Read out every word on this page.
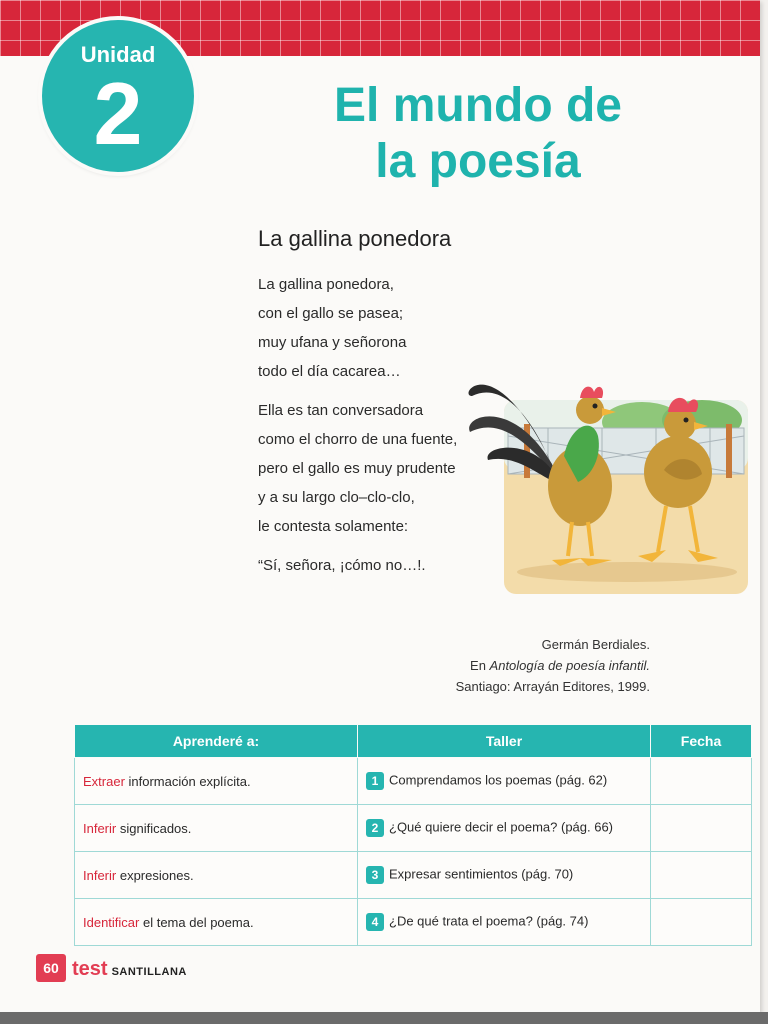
Unidad
2	El mundo de
la poesía
La gallina ponedora
La gallina ponedora,
con el gallo se pasea;
muy ufana y señorona
todo el día cacarea…
Ella es tan conversadora
como el chorro de una fuente,
pero el gallo es muy prudente
y a su largo clo–clo-clo,
le contesta solamente:
“Sí, señora, ¡cómo no…!.
Germán Berdiales.
En Antología de poesía infantil.
Santiago: Arrayán Editores, 1999.
Aprenderé a:	Taller	Fecha
Extraer información explícita.	1 Comprendamos los poemas (pág. 62)	
Inferir significados.	2 ¿Qué quiere decir el poema? (pág. 66)	
Inferir expresiones.	3 Expresar sentimientos (pág. 70)	
Identificar el tema del poema.	4 ¿De qué trata el poema? (pág. 74)	
60 test SANTILLANA
